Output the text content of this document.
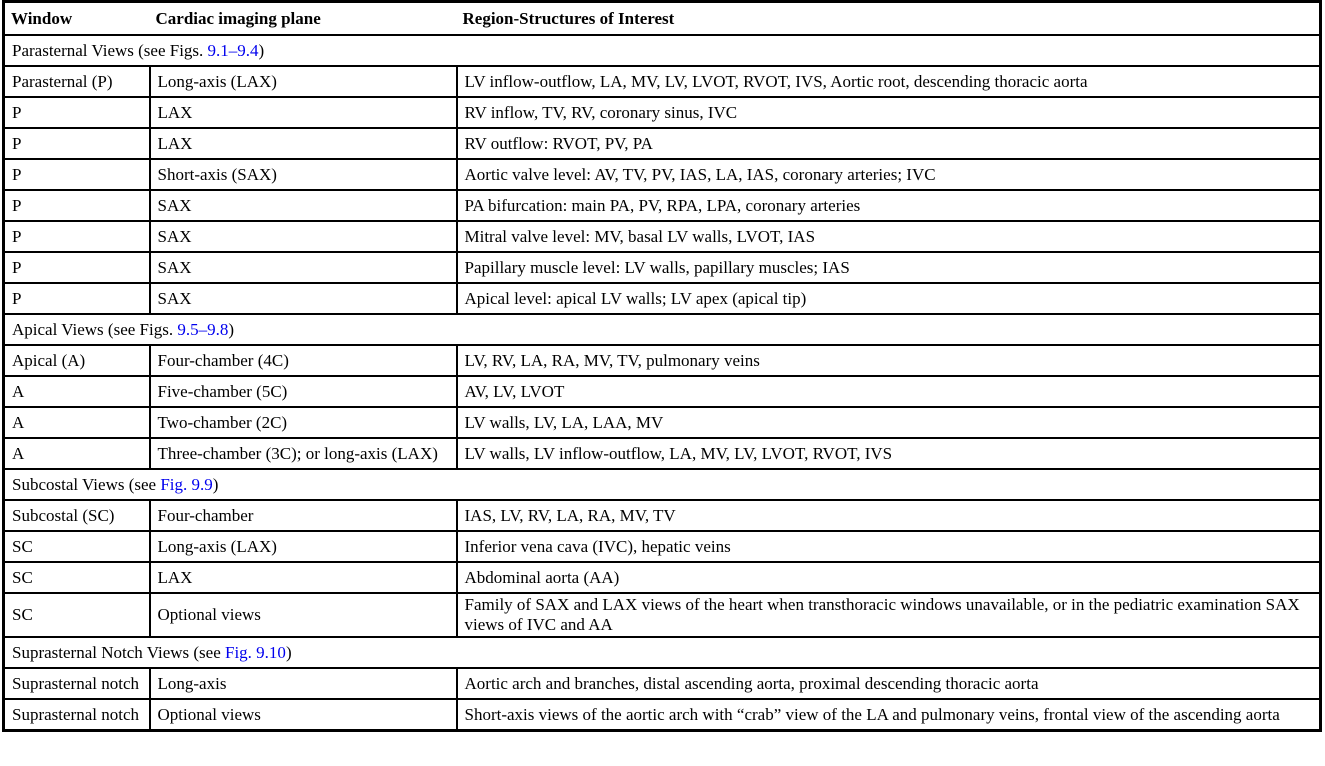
Window	Cardiac imaging plane	Region-Structures of Interest
Parasternal Views (see Figs. 9.1–9.4)		
Parasternal (P)	Long-axis (LAX)	LV inflow-outflow, LA, MV, LV, LVOT, RVOT, IVS, Aortic root, descending thoracic aorta
P	LAX	RV inflow, TV, RV, coronary sinus, IVC
P	LAX	RV outflow: RVOT, PV, PA
P	Short-axis (SAX)	Aortic valve level: AV, TV, PV, IAS, LA, IAS, coronary arteries; IVC
P	SAX	PA bifurcation: main PA, PV, RPA, LPA, coronary arteries
P	SAX	Mitral valve level: MV, basal LV walls, LVOT, IAS
P	SAX	Papillary muscle level: LV walls, papillary muscles; IAS
P	SAX	Apical level: apical LV walls; LV apex (apical tip)
Apical Views (see Figs. 9.5–9.8)		
Apical (A)	Four-chamber (4C)	LV, RV, LA, RA, MV, TV, pulmonary veins
A	Five-chamber (5C)	AV, LV, LVOT
A	Two-chamber (2C)	LV walls, LV, LA, LAA, MV
A	Three-chamber (3C); or long-axis (LAX)	LV walls, LV inflow-outflow, LA, MV, LV, LVOT, RVOT, IVS
Subcostal Views (see Fig. 9.9)		
Subcostal (SC)	Four-chamber	IAS, LV, RV, LA, RA, MV, TV
SC	Long-axis (LAX)	Inferior vena cava (IVC), hepatic veins
SC	LAX	Abdominal aorta (AA)
SC	Optional views	Family of SAX and LAX views of the heart when transthoracic windows unavailable, or in the pediatric examination SAX views of IVC and AA
Suprasternal Notch Views (see Fig. 9.10)		
Suprasternal notch	Long-axis	Aortic arch and branches, distal ascending aorta, proximal descending thoracic aorta
Suprasternal notch	Optional views	Short-axis views of the aortic arch with “crab” view of the LA and pulmonary veins, frontal view of the ascending aorta
